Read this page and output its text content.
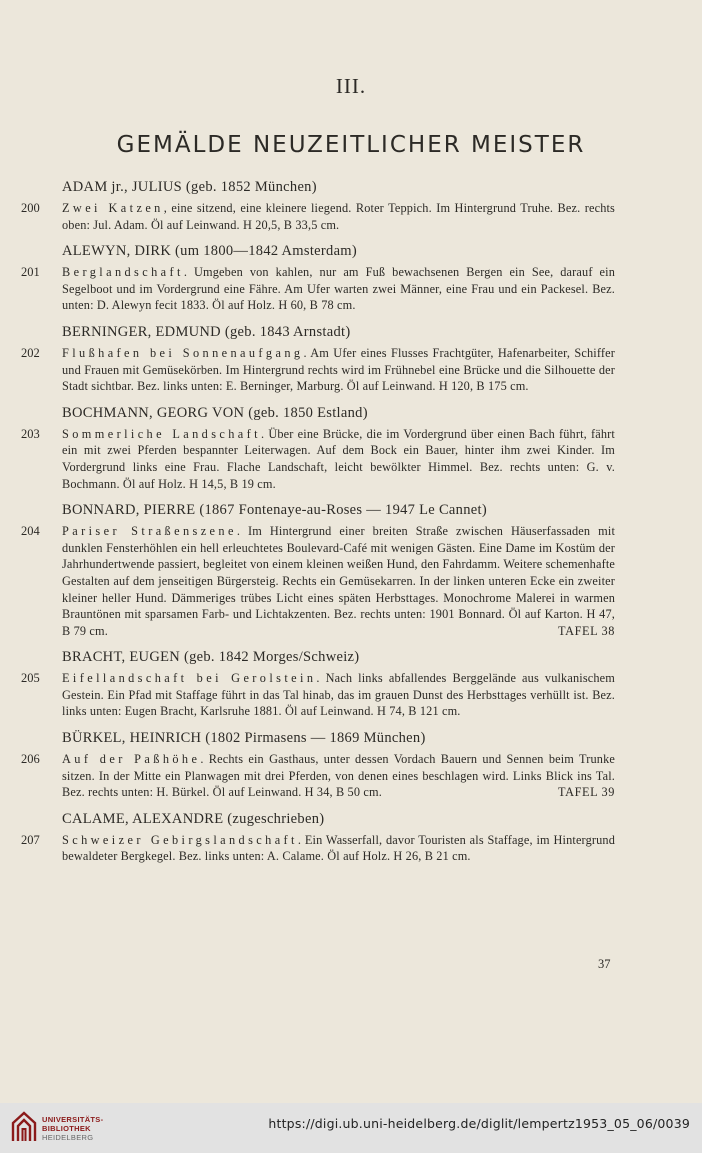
III.
GEMÄLDE NEUZEITLICHER MEISTER
ADAM jr., JULIUS (geb. 1852 München)
200 Zwei Katzen, eine sitzend, eine kleinere liegend. Roter Teppich. Im Hintergrund Truhe. Bez. rechts oben: Jul. Adam. Öl auf Leinwand. H 20,5, B 33,5 cm.
ALEWYN, DIRK (um 1800—1842 Amsterdam)
201 Berglandschaft. Umgeben von kahlen, nur am Fuß bewachsenen Bergen ein See, darauf ein Segelboot und im Vordergrund eine Fähre. Am Ufer warten zwei Männer, eine Frau und ein Packesel. Bez. unten: D. Alewyn fecit 1833. Öl auf Holz. H 60, B 78 cm.
BERNINGER, EDMUND (geb. 1843 Arnstadt)
202 Flußhafen bei Sonnenaufgang. Am Ufer eines Flusses Frachtgüter, Hafenarbeiter, Schiffer und Frauen mit Gemüsekörben. Im Hintergrund rechts wird im Frühnebel eine Brücke und die Silhouette der Stadt sichtbar. Bez. links unten: E. Berninger, Marburg. Öl auf Leinwand. H 120, B 175 cm.
BOCHMANN, GEORG VON (geb. 1850 Estland)
203 Sommerliche Landschaft. Über eine Brücke, die im Vordergrund über einen Bach führt, fährt ein mit zwei Pferden bespannter Leiterwagen. Auf dem Bock ein Bauer, hinter ihm zwei Kinder. Im Vordergrund links eine Frau. Flache Landschaft, leicht bewölkter Himmel. Bez. rechts unten: G. v. Bochmann. Öl auf Holz. H 14,5, B 19 cm.
BONNARD, PIERRE (1867 Fontenaye-au-Roses — 1947 Le Cannet)
204 Pariser Straßenszene. Im Hintergrund einer breiten Straße zwischen Häuserfassaden mit dunklen Fensterhöhlen ein hell erleuchtetes Boulevard-Café mit wenigen Gästen. Eine Dame im Kostüm der Jahrhundertwende passiert, begleitet von einem kleinen weißen Hund, den Fahrdamm. Weitere schemenhafte Gestalten auf dem jenseitigen Bürgersteig. Rechts ein Gemüsekarren. In der linken unteren Ecke ein zweiter kleiner heller Hund. Dämmeriges trübes Licht eines späten Herbsttages. Monochrome Malerei in warmen Brauntönen mit sparsamen Farb- und Lichtakzenten. Bez. rechts unten: 1901 Bonnard. Öl auf Karton. H 47, B 79 cm.	TAFEL 38
BRACHT, EUGEN (geb. 1842 Morges/Schweiz)
205 Eifellandschaft bei Gerolstein. Nach links abfallendes Berggelände aus vulkanischem Gestein. Ein Pfad mit Staffage führt in das Tal hinab, das im grauen Dunst des Herbsttages verhüllt ist. Bez. links unten: Eugen Bracht, Karlsruhe 1881. Öl auf Leinwand. H 74, B 121 cm.
BÜRKEL, HEINRICH (1802 Pirmasens — 1869 München)
206 Auf der Paßhöhe. Rechts ein Gasthaus, unter dessen Vordach Bauern und Sennen beim Trunke sitzen. In der Mitte ein Planwagen mit drei Pferden, von denen eines beschlagen wird. Links Blick ins Tal. Bez. rechts unten: H. Bürkel. Öl auf Leinwand. H 34, B 50 cm.	TAFEL 39
CALAME, ALEXANDRE (zugeschrieben)
207 Schweizer Gebirgslandschaft. Ein Wasserfall, davor Touristen als Staffage, im Hintergrund bewaldeter Bergkegel. Bez. links unten: A. Calame. Öl auf Holz. H 26, B 21 cm.
37
UNIVERSITÄTS-
BIBLIOTHEK
HEIDELBERG
https://digi.ub.uni-heidelberg.de/diglit/lempertz1953_05_06/0039
